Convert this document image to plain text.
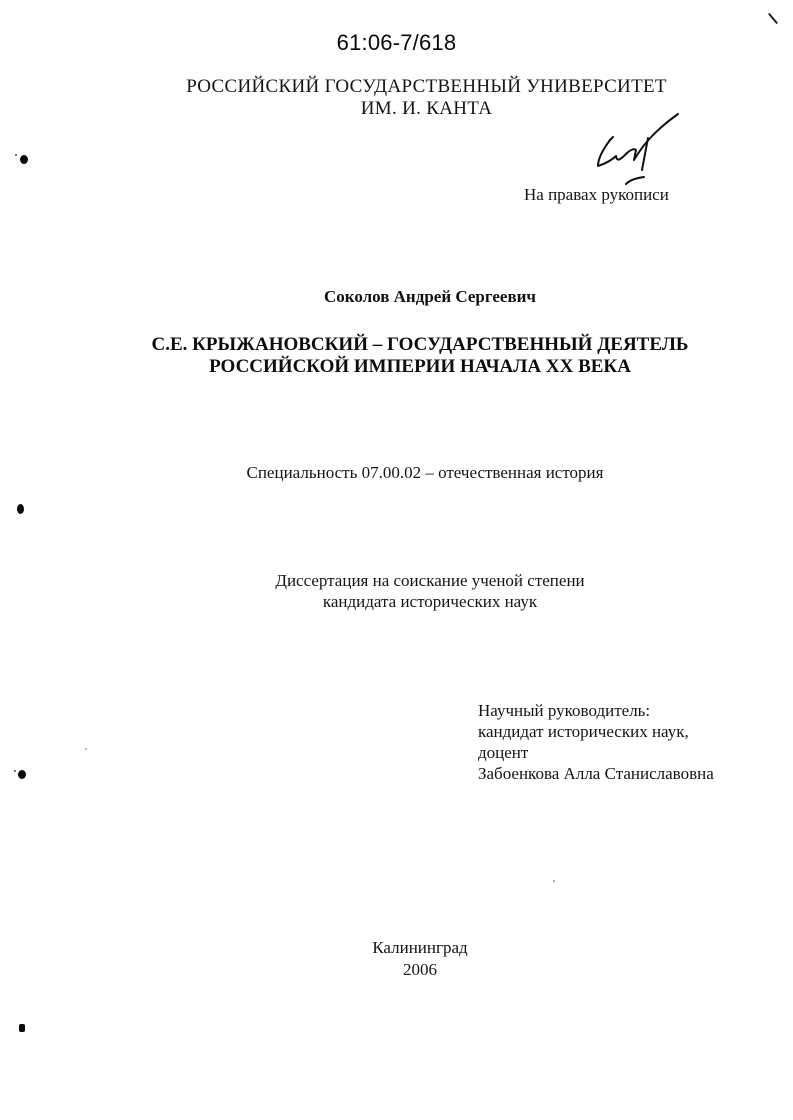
61:06-7/618
РОССИЙСКИЙ ГОСУДАРСТВЕННЫЙ УНИВЕРСИТЕТ
ИМ. И. КАНТА
На правах рукописи
Соколов Андрей Сергеевич
С.Е. КРЫЖАНОВСКИЙ – ГОСУДАРСТВЕННЫЙ ДЕЯТЕЛЬ
РОССИЙСКОЙ ИМПЕРИИ НАЧАЛА XX ВЕКА
Специальность 07.00.02 – отечественная история
Диссертация на соискание ученой степени
кандидата исторических наук
Научный руководитель:
кандидат исторических наук,
доцент
Забоенкова Алла Станиславовна
Калининград
2006
